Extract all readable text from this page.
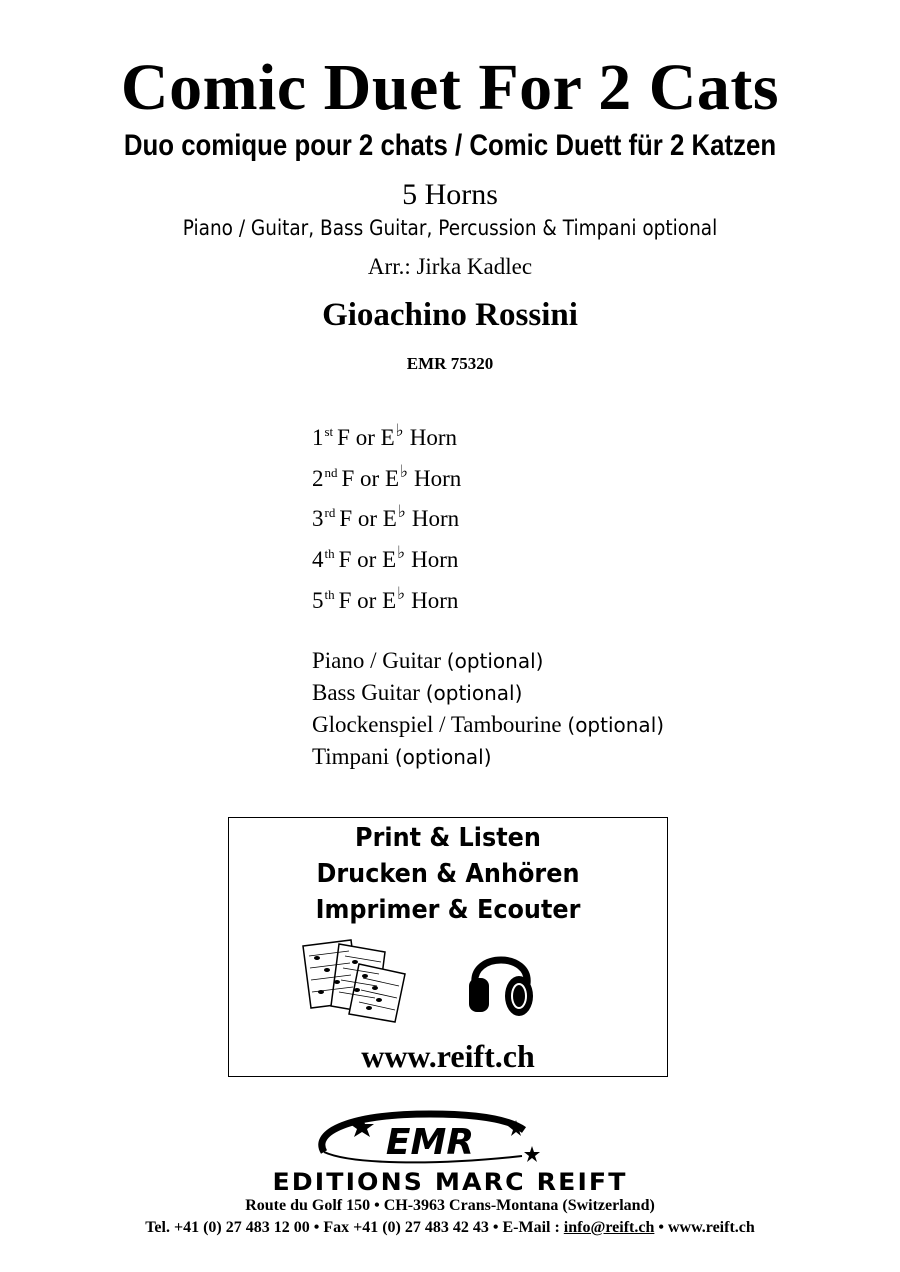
Comic Duet For 2 Cats
Duo comique pour 2 chats / Comic Duett für 2 Katzen
5 Horns
Piano / Guitar, Bass Guitar, Percussion & Timpani optional
Arr.: Jirka Kadlec
Gioachino Rossini
EMR 75320
1st F or E♭ Horn
2nd F or E♭ Horn
3rd F or E♭ Horn
4th F or E♭ Horn
5th F or E♭ Horn
Piano / Guitar (optional)
Bass Guitar (optional)
Glockenspiel / Tambourine (optional)
Timpani (optional)
Print & Listen
Drucken & Anhören
Imprimer & Ecouter
www.reift.ch
EMR
EDITIONS MARC REIFT
Route du Golf 150 • CH-3963 Crans-Montana (Switzerland)
Tel. +41 (0) 27 483 12 00 • Fax +41 (0) 27 483 42 43 • E-Mail : info@reift.ch • www.reift.ch
